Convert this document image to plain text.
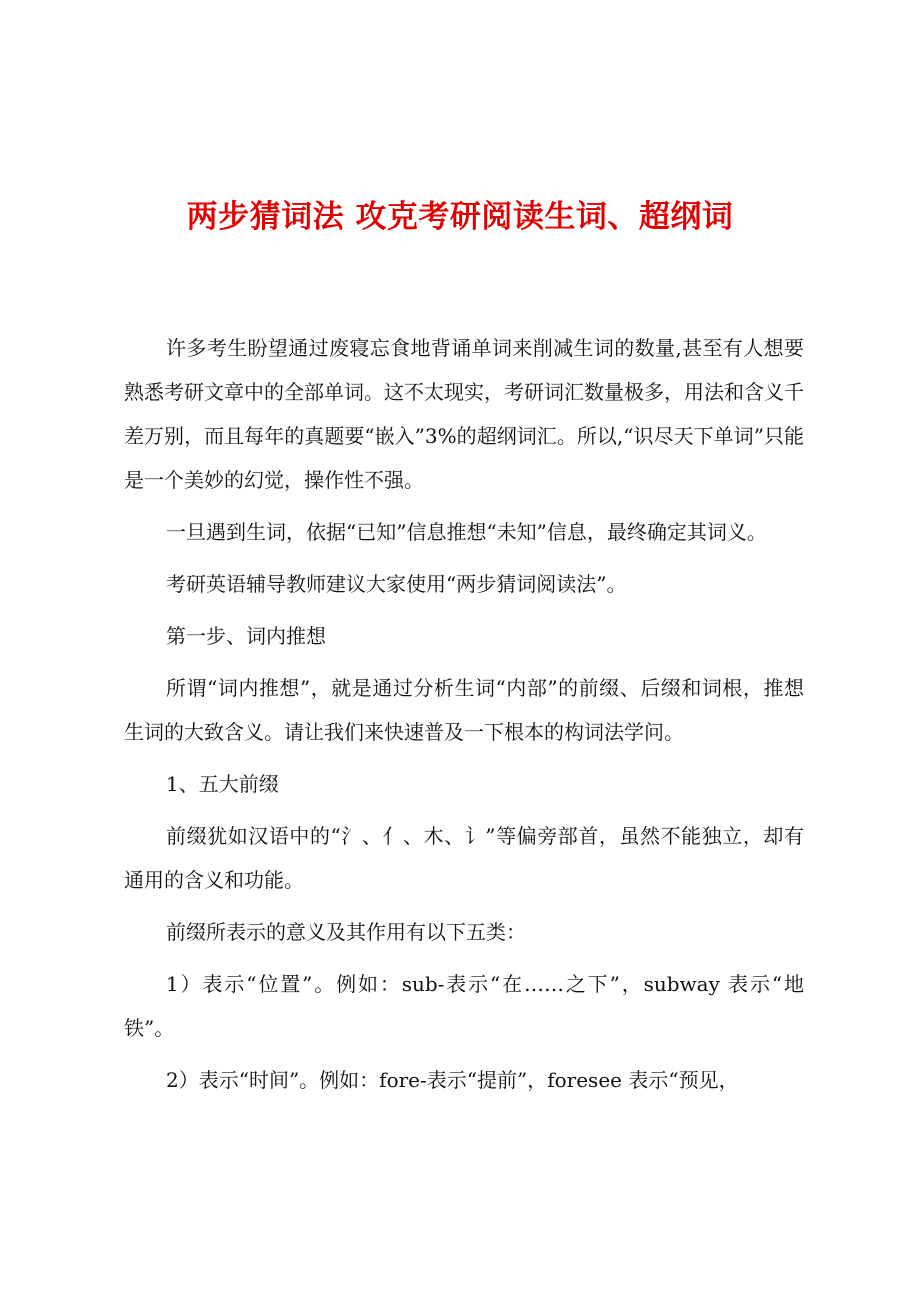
两步猜词法 攻克考研阅读生词、超纲词

许多考生盼望通过废寝忘食地背诵单词来削减生词的数量,甚至有人想要熟悉考研文章中的全部单词。这不太现实，考研词汇数量极多，用法和含义千差万别，而且每年的真题要“嵌入”3%的超纲词汇。所以,“识尽天下单词”只能是一个美妙的幻觉，操作性不强。

一旦遇到生词，依据“已知”信息推想“未知”信息，最终确定其词义。

考研英语辅导教师建议大家使用“两步猜词阅读法”。

第一步、词内推想

所谓“词内推想”，就是通过分析生词“内部”的前缀、后缀和词根，推想生词的大致含义。请让我们来快速普及一下根本的构词法学问。

1、五大前缀

前缀犹如汉语中的“氵、亻、木、讠”等偏旁部首，虽然不能独立，却有通用的含义和功能。

前缀所表示的意义及其作用有以下五类：

1）表示“位置”。例如：sub-表示“在……之下”，subway 表示“地铁”。

2）表示“时间”。例如：fore-表示“提前”，foresee 表示“预见，
